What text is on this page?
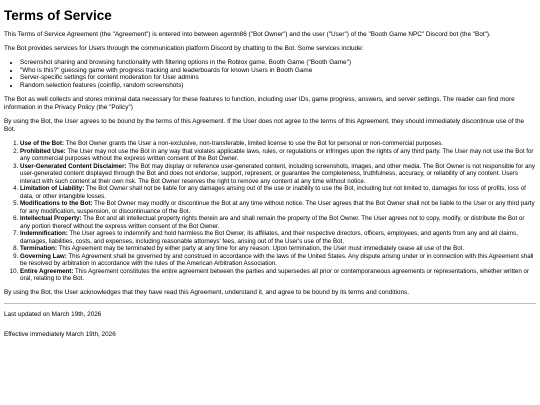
Terms of Service

This Terms of Service Agreement (the "Agreement") is entered into between agentn86 ("Bot Owner") and the user ("User") of the "Booth Game NPC" Discord bot (the "Bot").

The Bot provides services for Users through the communication platform Discord by chatting to the Bot. Some services include:

• Screenshot sharing and browsing functionality with filtering options in the Roblox game, Booth Game ("Booth Game")
• "Who is this?" guessing game with progress tracking and leaderboards for known Users in Booth Game
• Server-specific settings for content moderation for User admins
• Random selection features (coinflip, random screenshots)

The Bot as well collects and stores minimal data necessary for these features to function, including user IDs, game progress, answers, and server settings. The reader can find more information in the Privacy Policy (the "Policy")

By using the Bot, the User agrees to be bound by the terms of this Agreement. If the User does not agree to the terms of this Agreement, they should immediately discontinue use of the Bot.

1. Use of the Bot: The Bot Owner grants the User a non-exclusive, non-transferable, limited license to use the Bot for personal or non-commercial purposes.
2. Prohibited Use: The User may not use the Bot in any way that violates applicable laws, rules, or regulations or infringes upon the rights of any third party. The User may not use the Bot for any commercial purposes without the express written consent of the Bot Owner.
3. User-Generated Content Disclaimer: The Bot may display or reference user-generated content, including screenshots, images, and other media. The Bot Owner is not responsible for any user-generated content displayed through the Bot and does not endorse, support, represent, or guarantee the completeness, truthfulness, accuracy, or reliability of any content. Users interact with such content at their own risk. The Bot Owner reserves the right to remove any content at any time without notice.
4. Limitation of Liability: The Bot Owner shall not be liable for any damages arising out of the use or inability to use the Bot, including but not limited to, damages for loss of profits, loss of data, or other intangible losses.
5. Modifications to the Bot: The Bot Owner may modify or discontinue the Bot at any time without notice. The User agrees that the Bot Owner shall not be liable to the User or any third party for any modification, suspension, or discontinuance of the Bot.
6. Intellectual Property: The Bot and all intellectual property rights therein are and shall remain the property of the Bot Owner. The User agrees not to copy, modify, or distribute the Bot or any portion thereof without the express written consent of the Bot Owner.
7. Indemnification: The User agrees to indemnify and hold harmless the Bot Owner, its affiliates, and their respective directors, officers, employees, and agents from any and all claims, damages, liabilities, costs, and expenses, including reasonable attorneys' fees, arising out of the User's use of the Bot.
8. Termination: This Agreement may be terminated by either party at any time for any reason. Upon termination, the User must immediately cease all use of the Bot.
9. Governing Law: This Agreement shall be governed by and construed in accordance with the laws of the United States. Any dispute arising under or in connection with this Agreement shall be resolved by arbitration in accordance with the rules of the American Arbitration Association.
10. Entire Agreement: This Agreement constitutes the entire agreement between the parties and supersedes all prior or contemporaneous agreements or representations, whether written or oral, relating to the Bot.

By using the Bot, the User acknowledges that they have read this Agreement, understand it, and agree to be bound by its terms and conditions.

Last updated on March 19th, 2026

Effective immediately March 19th, 2026
